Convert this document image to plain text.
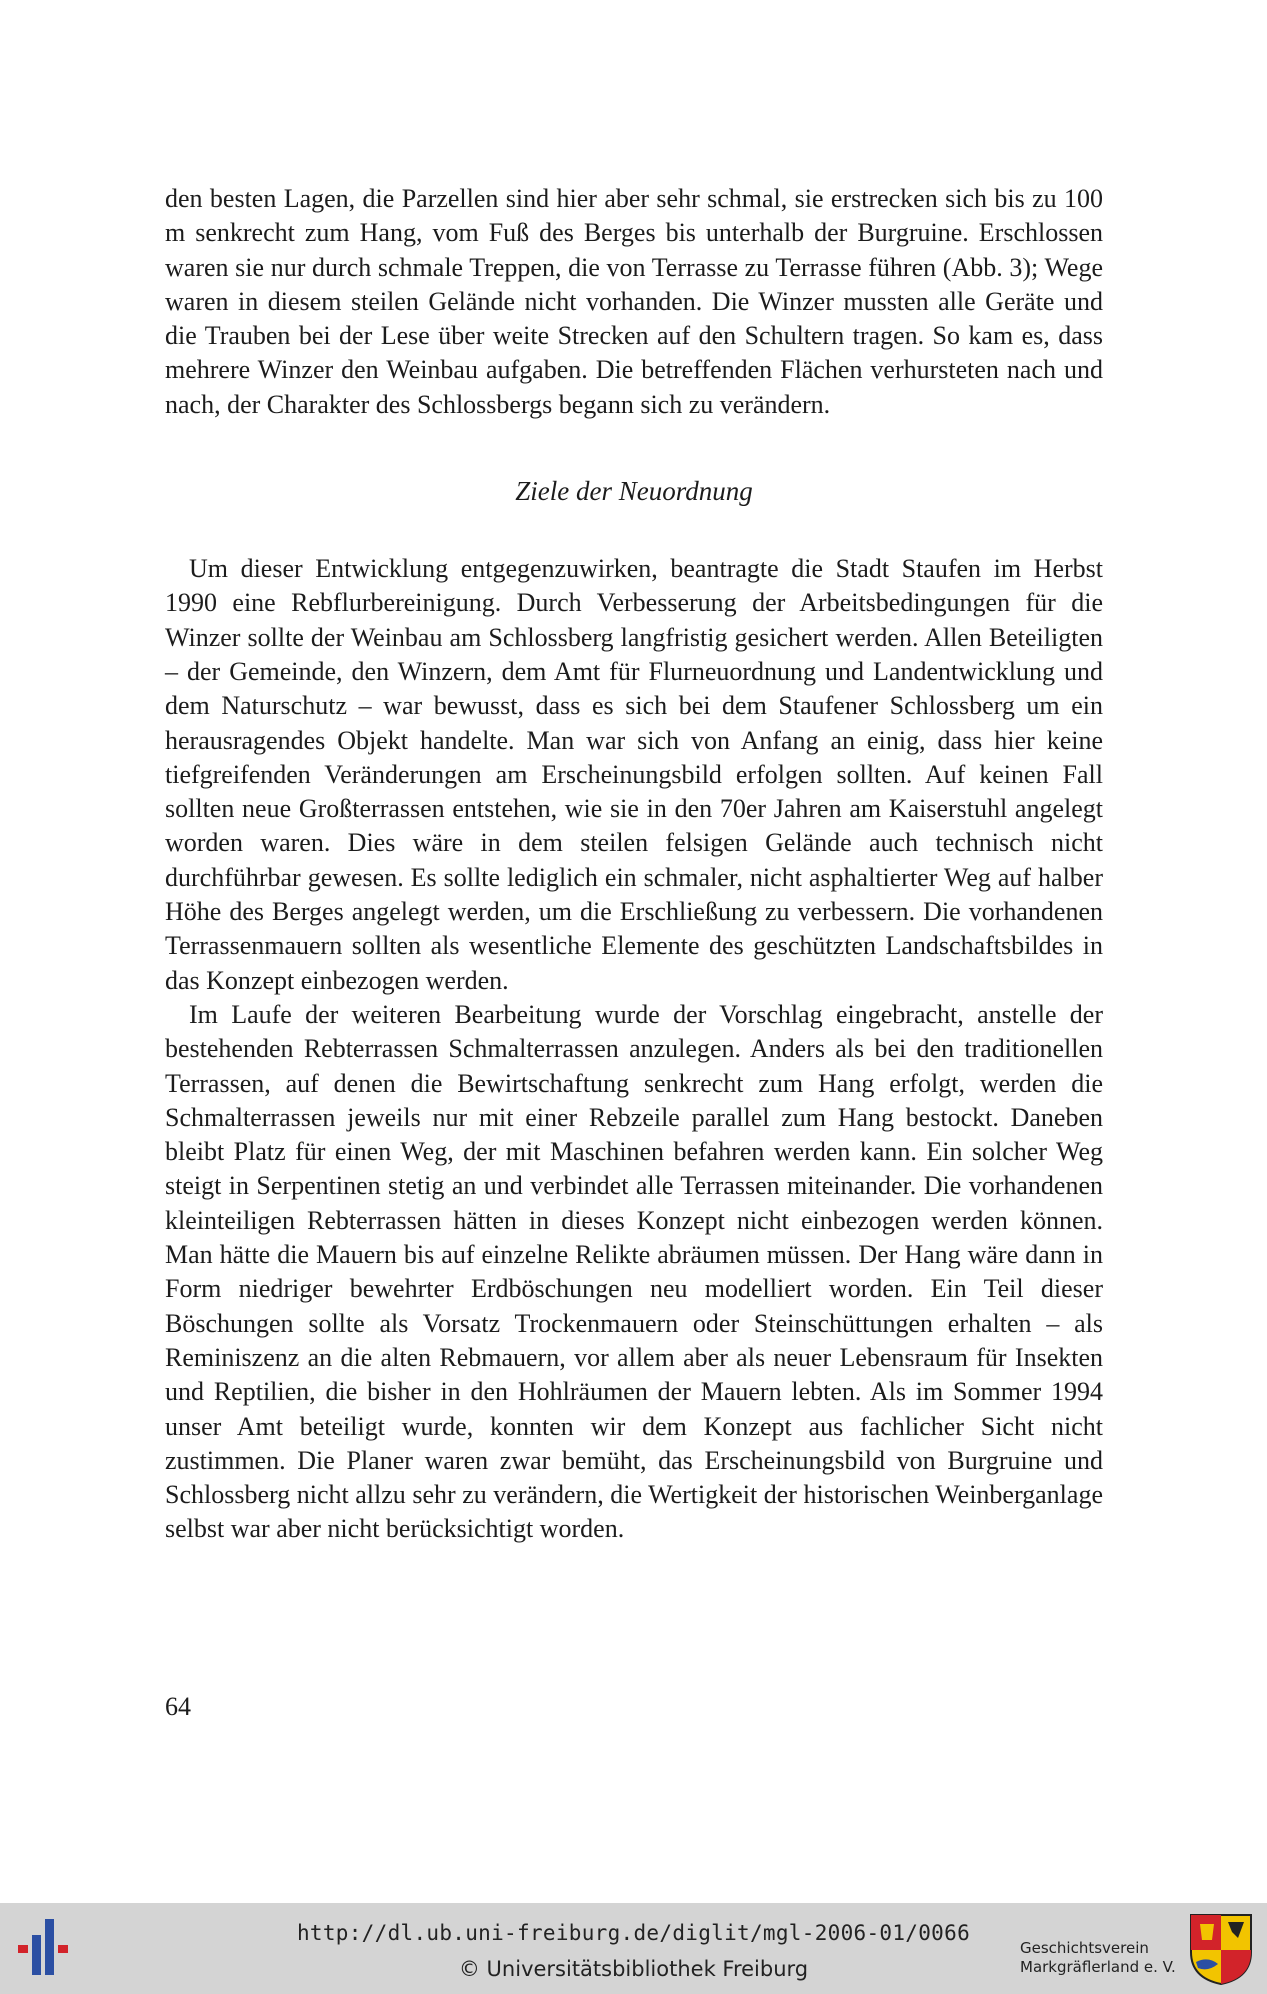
den besten Lagen, die Parzellen sind hier aber sehr schmal, sie erstrecken sich bis zu 100 m senkrecht zum Hang, vom Fuß des Berges bis unterhalb der Burgruine. Erschlossen waren sie nur durch schmale Treppen, die von Terrasse zu Terrasse führen (Abb. 3); Wege waren in diesem steilen Gelände nicht vorhanden. Die Winzer mussten alle Geräte und die Trauben bei der Lese über weite Strecken auf den Schultern tragen. So kam es, dass mehrere Winzer den Weinbau aufgaben. Die betreffenden Flächen verhursteten nach und nach, der Charakter des Schlossbergs begann sich zu verändern.

Ziele der Neuordnung

Um dieser Entwicklung entgegenzuwirken, beantragte die Stadt Staufen im Herbst 1990 eine Rebflurbereinigung. Durch Verbesserung der Arbeitsbedingungen für die Winzer sollte der Weinbau am Schlossberg langfristig gesichert werden. Allen Beteiligten – der Gemeinde, den Winzern, dem Amt für Flurneuordnung und Landentwicklung und dem Naturschutz – war bewusst, dass es sich bei dem Staufener Schlossberg um ein herausragendes Objekt handelte. Man war sich von Anfang an einig, dass hier keine tiefgreifenden Veränderungen am Erscheinungsbild erfolgen sollten. Auf keinen Fall sollten neue Großterrassen entstehen, wie sie in den 70er Jahren am Kaiserstuhl angelegt worden waren. Dies wäre in dem steilen felsigen Gelände auch technisch nicht durchführbar gewesen. Es sollte lediglich ein schmaler, nicht asphaltierter Weg auf halber Höhe des Berges angelegt werden, um die Erschließung zu verbessern. Die vorhandenen Terrassenmauern sollten als wesentliche Elemente des geschützten Landschaftsbildes in das Konzept einbezogen werden.

Im Laufe der weiteren Bearbeitung wurde der Vorschlag eingebracht, anstelle der bestehenden Rebterrassen Schmalterrassen anzulegen. Anders als bei den traditionellen Terrassen, auf denen die Bewirtschaftung senkrecht zum Hang erfolgt, werden die Schmalterrassen jeweils nur mit einer Rebzeile parallel zum Hang bestockt. Daneben bleibt Platz für einen Weg, der mit Maschinen befahren werden kann. Ein solcher Weg steigt in Serpentinen stetig an und verbindet alle Terrassen miteinander. Die vorhandenen kleinteiligen Rebterrassen hätten in dieses Konzept nicht einbezogen werden können. Man hätte die Mauern bis auf einzelne Relikte abräumen müssen. Der Hang wäre dann in Form niedriger bewehrter Erdböschungen neu modelliert worden. Ein Teil dieser Böschungen sollte als Vorsatz Trockenmauern oder Steinschüttungen erhalten – als Reminiszenz an die alten Rebmauern, vor allem aber als neuer Lebensraum für Insekten und Reptilien, die bisher in den Hohlräumen der Mauern lebten. Als im Sommer 1994 unser Amt beteiligt wurde, konnten wir dem Konzept aus fachlicher Sicht nicht zustimmen. Die Planer waren zwar bemüht, das Erscheinungsbild von Burgruine und Schlossberg nicht allzu sehr zu verändern, die Wertigkeit der historischen Weinberganlage selbst war aber nicht berücksichtigt worden.

64
http://dl.ub.uni-freiburg.de/diglit/mgl-2006-01/0066
© Universitätsbibliothek Freiburg
Geschichtsverein
Markgräflerland e. V.
